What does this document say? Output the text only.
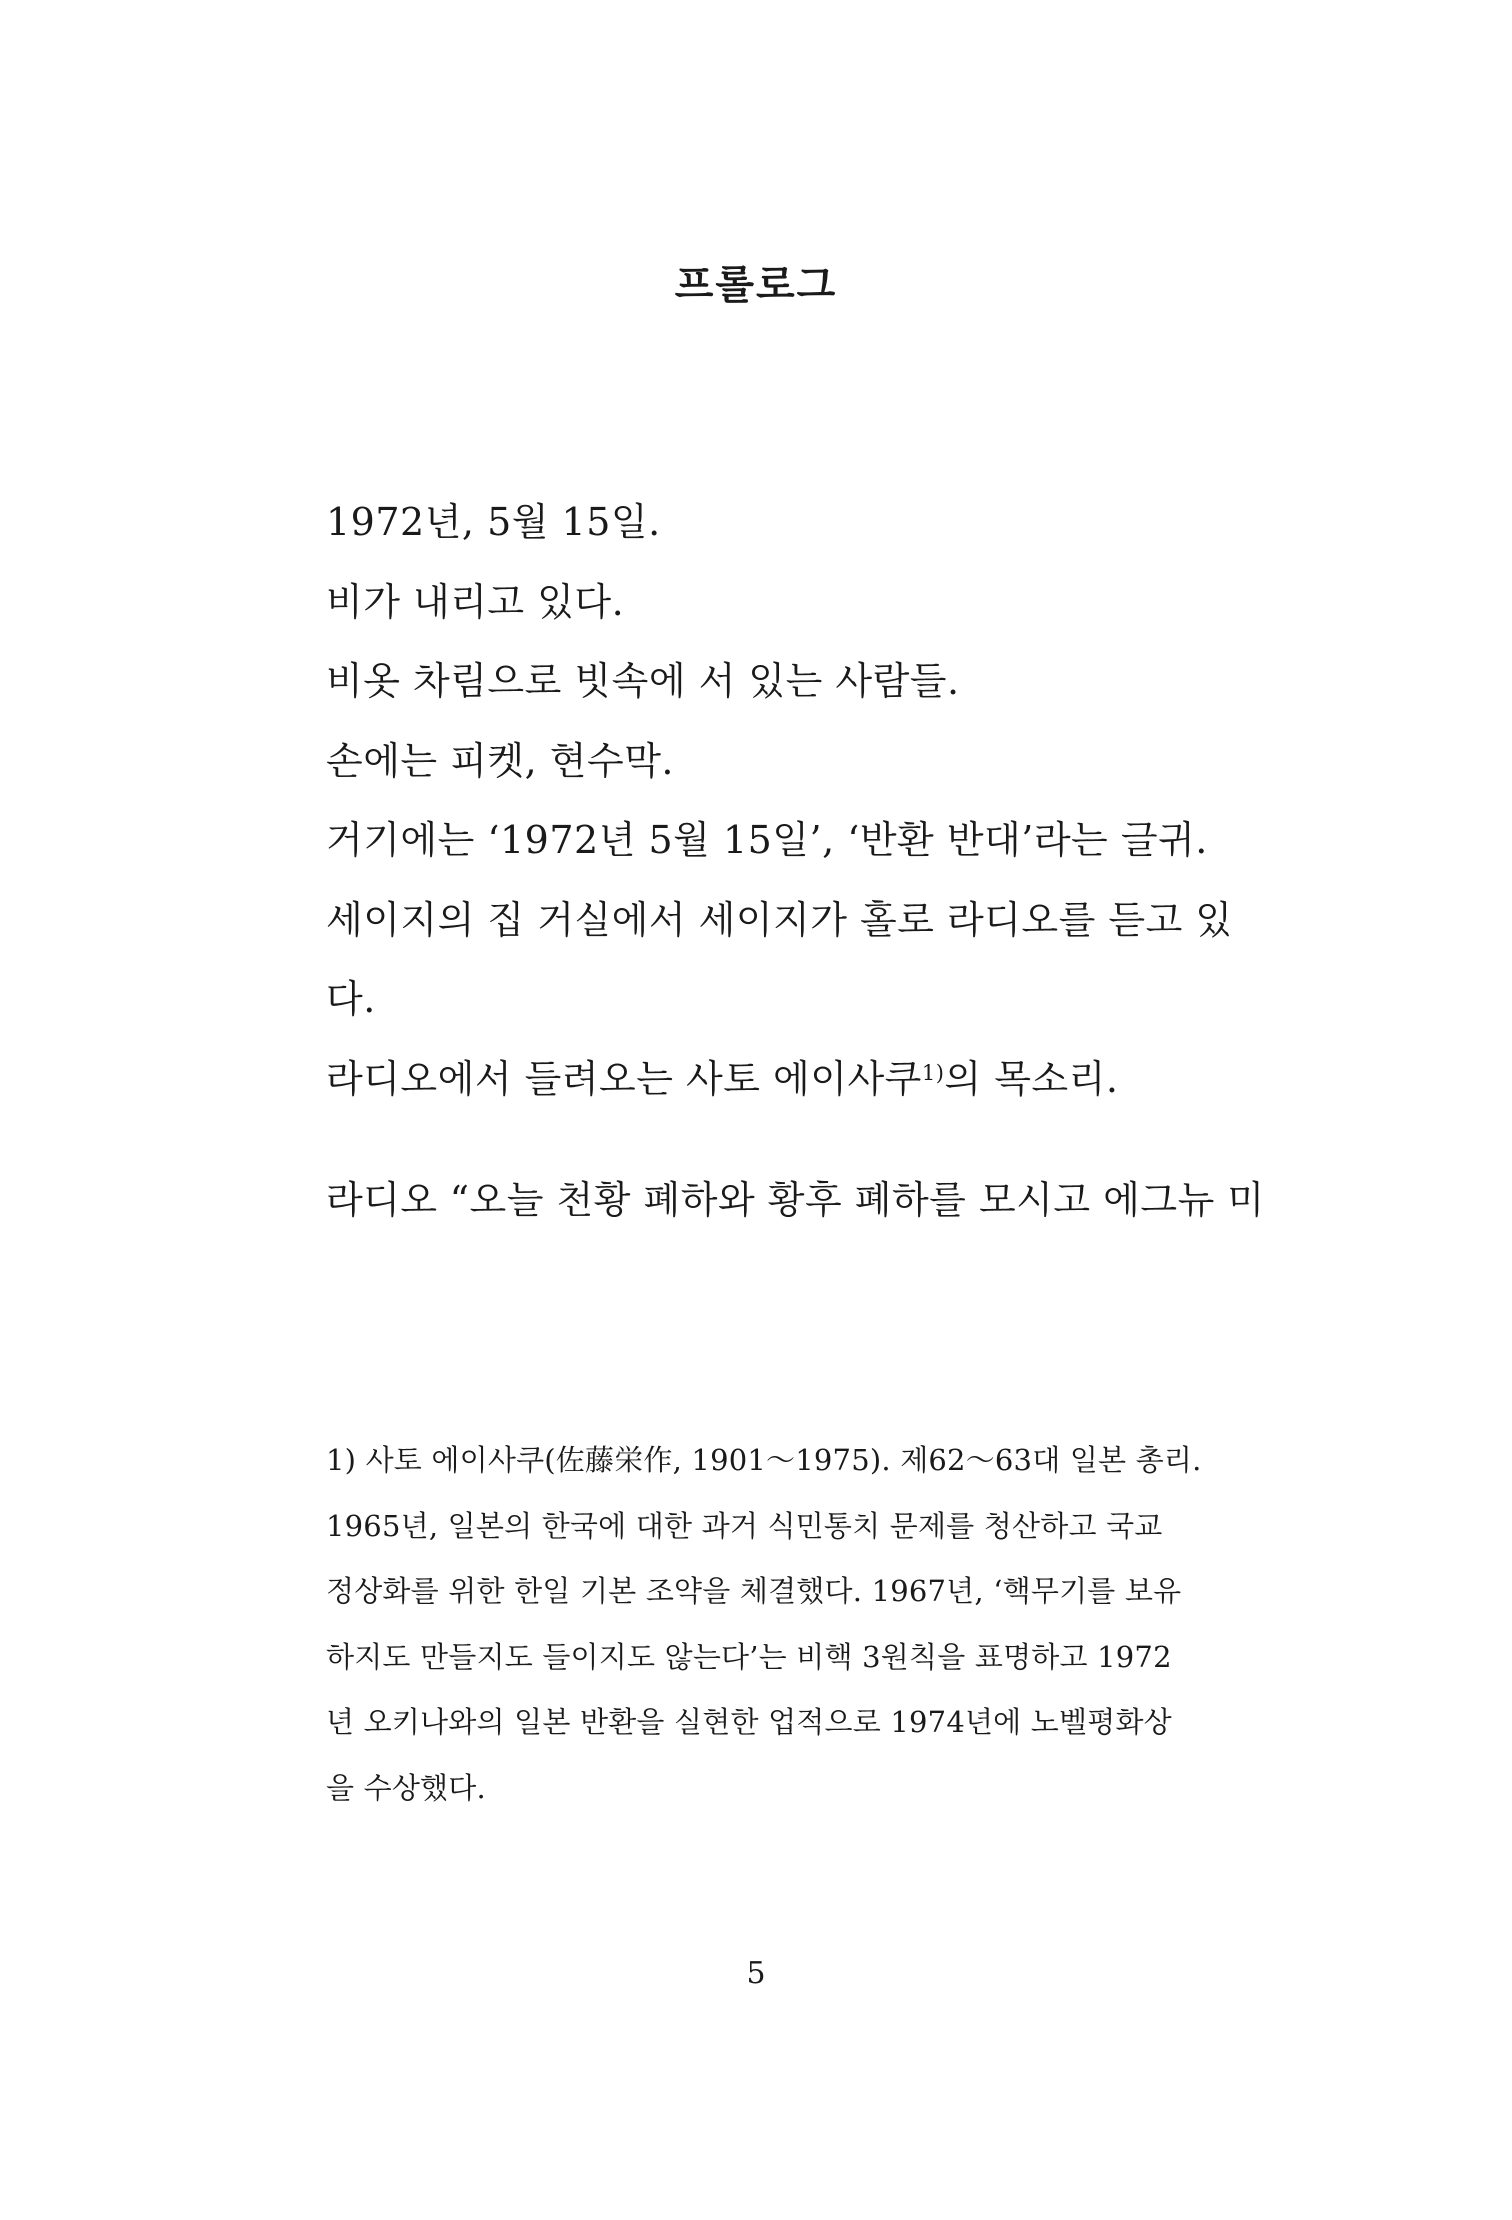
프롤로그
1972년, 5월 15일.
비가 내리고 있다.
비옷 차림으로 빗속에 서 있는 사람들.
손에는 피켓, 현수막.
거기에는 ‘1972년 5월 15일’, ‘반환 반대’라는 글귀.
세이지의 집 거실에서 세이지가 홀로 라디오를 듣고 있
다.
라디오에서 들려오는 사토 에이사쿠$^{1)}$의 목소리.
라디오 “오늘 천황 폐하와 황후 폐하를 모시고 에그뉴 미
1) 사토 에이사쿠(佐藤栄作, 1901～1975). 제62～63대 일본 총리.
1965년, 일본의 한국에 대한 과거 식민통치 문제를 청산하고 국교
정상화를 위한 한일 기본 조약을 체결했다. 1967년, ‘핵무기를 보유
하지도 만들지도 들이지도 않는다’는 비핵 3원칙을 표명하고 1972
년 오키나와의 일본 반환을 실현한 업적으로 1974년에 노벨평화상
을 수상했다.
5
